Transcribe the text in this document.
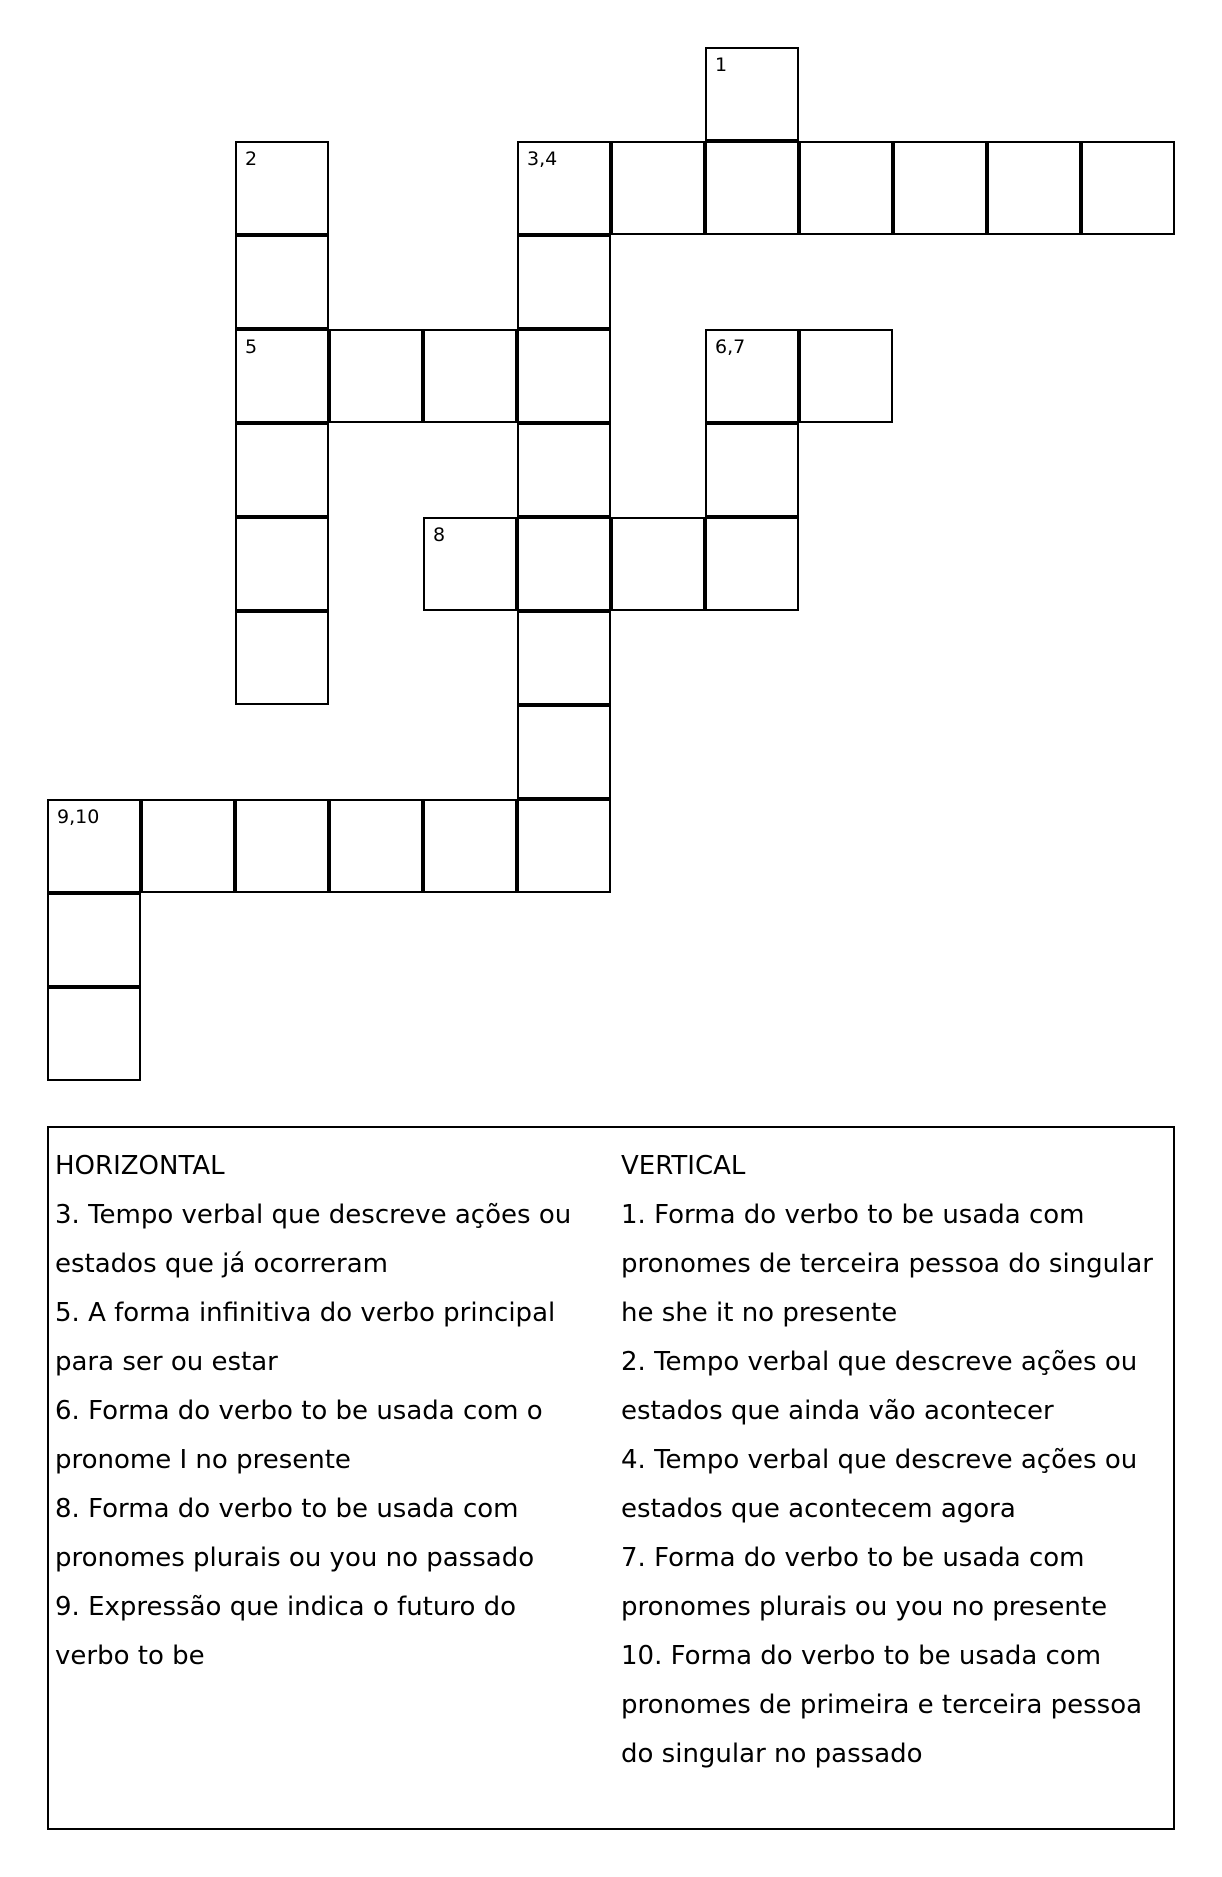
1
2	3,4
5	6,7
8
9,10

HORIZONTAL

3. Tempo verbal que descreve ações ou

estados que já ocorreram

5. A forma infinitiva do verbo principal

para ser ou estar

6. Forma do verbo to be usada com o

pronome I no presente

8. Forma do verbo to be usada com

pronomes plurais ou you no passado

9. Expressão que indica o futuro do

verbo to be

VERTICAL

1. Forma do verbo to be usada com

pronomes de terceira pessoa do singular

he she it no presente

2. Tempo verbal que descreve ações ou

estados que ainda vão acontecer

4. Tempo verbal que descreve ações ou

estados que acontecem agora

7. Forma do verbo to be usada com

pronomes plurais ou you no presente

10. Forma do verbo to be usada com

pronomes de primeira e terceira pessoa

do singular no passado
